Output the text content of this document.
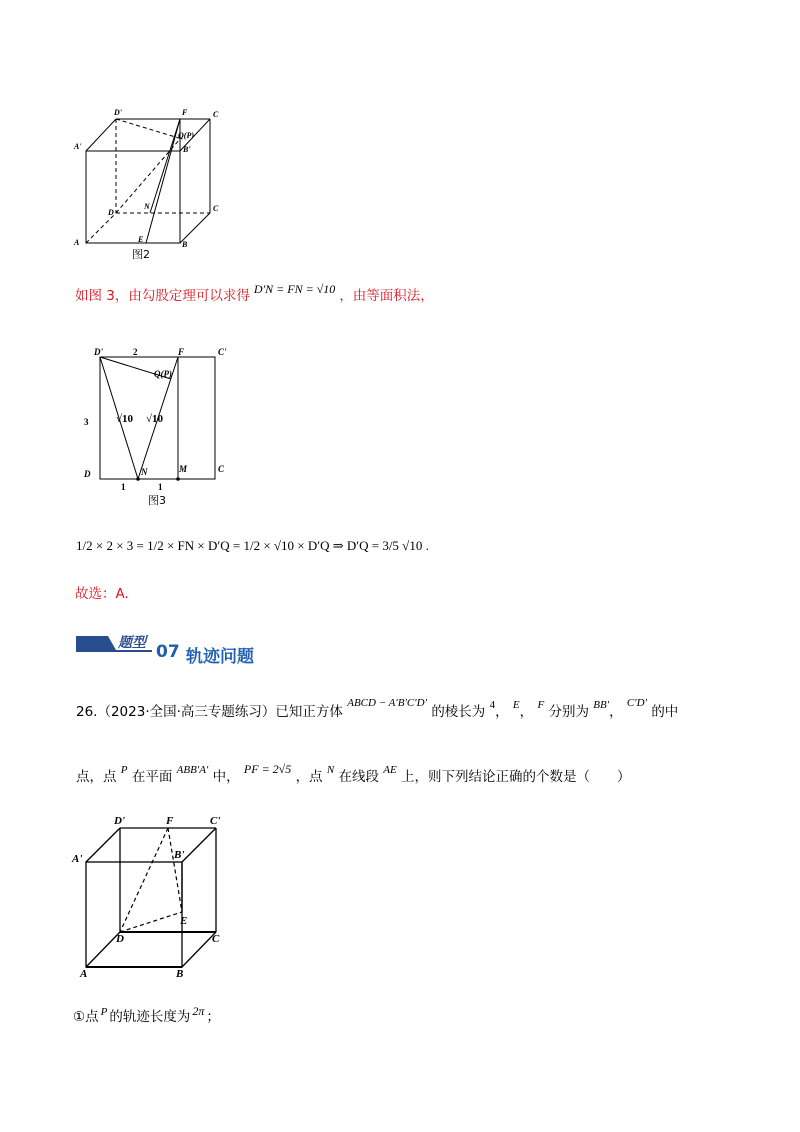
D'	F	C
A'
Q(P)
B'
D
N	C
A	E
B
图2
如图 3，由勾股定理可以求得 D′N = FN = √10 ，由等面积法，
D'	2	F	C'
Q(P)
3	√10 √10
D	N	M	C
1	1
图3
1/2 × 2 × 3 = 1/2 × FN × D′Q = 1/2 × √10 × D′Q ⇒ D′Q = 3/5 √10 .
故选：A.
题型 07 轨迹问题
26.（2023·全国·高三专题练习）已知正方体 $^{ABCD - A'B'C'D'}$ 的棱长为 $^4$， $^E$， $^F$ 分别为 $^{BB'}$， $^{C'D'}$ 的中
点，点 $^P$ 在平面 $^{ABB'A'}$ 中， PF = 2√5 ，点 $^N$ 在线段 $^{AE}$ 上，则下列结论正确的个数是（　　）
D'	F	C'
A'	B'
E
D	C
A	B
①点 $^P$ 的轨迹长度为 2π ；
